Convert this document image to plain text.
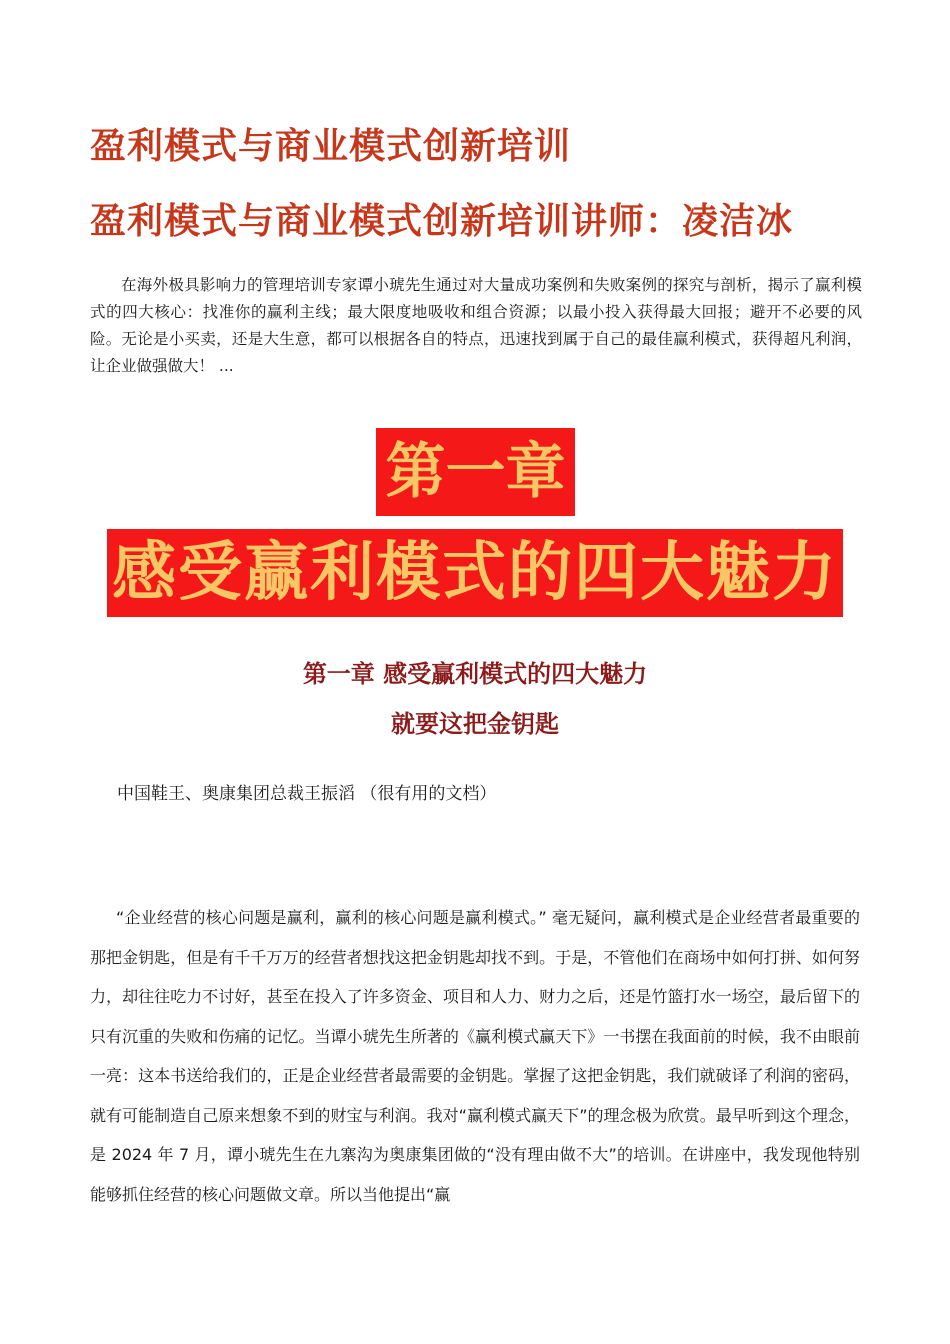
盈利模式与商业模式创新培训
盈利模式与商业模式创新培训讲师：凌洁冰

在海外极具影响力的管理培训专家谭小琥先生通过对大量成功案例和失败案例的探究与剖析，揭示了赢利模式的四大核心：找准你的赢利主线；最大限度地吸收和组合资源；以最小投入获得最大回报；避开不必要的风险。无论是小买卖，还是大生意，都可以根据各自的特点，迅速找到属于自己的最佳赢利模式，获得超凡利润，让企业做强做大！ ...

第一章
感受赢利模式的四大魅力
第一章 感受赢利模式的四大魅力
就要这把金钥匙

中国鞋王、奥康集团总裁王振滔 （很有用的文档）

“企业经营的核心问题是赢利，赢利的核心问题是赢利模式。” 毫无疑问，赢利模式是企业经营者最重要的那把金钥匙，但是有千千万万的经营者想找这把金钥匙却找不到。于是，不管他们在商场中如何打拼、如何努力，却往往吃力不讨好，甚至在投入了许多资金、项目和人力、财力之后，还是竹篮打水一场空，最后留下的只有沉重的失败和伤痛的记忆。当谭小琥先生所著的《赢利模式赢天下》一书摆在我面前的时候，我不由眼前一亮：这本书送给我们的，正是企业经营者最需要的金钥匙。掌握了这把金钥匙，我们就破译了利润的密码，就有可能制造自己原来想象不到的财宝与利润。我对“赢利模式赢天下”的理念极为欣赏。最早听到这个理念，是 2024 年 7 月，谭小琥先生在九寨沟为奥康集团做的“没有理由做不大”的培训。在讲座中，我发现他特别能够抓住经营的核心问题做文章。所以当他提出“赢
